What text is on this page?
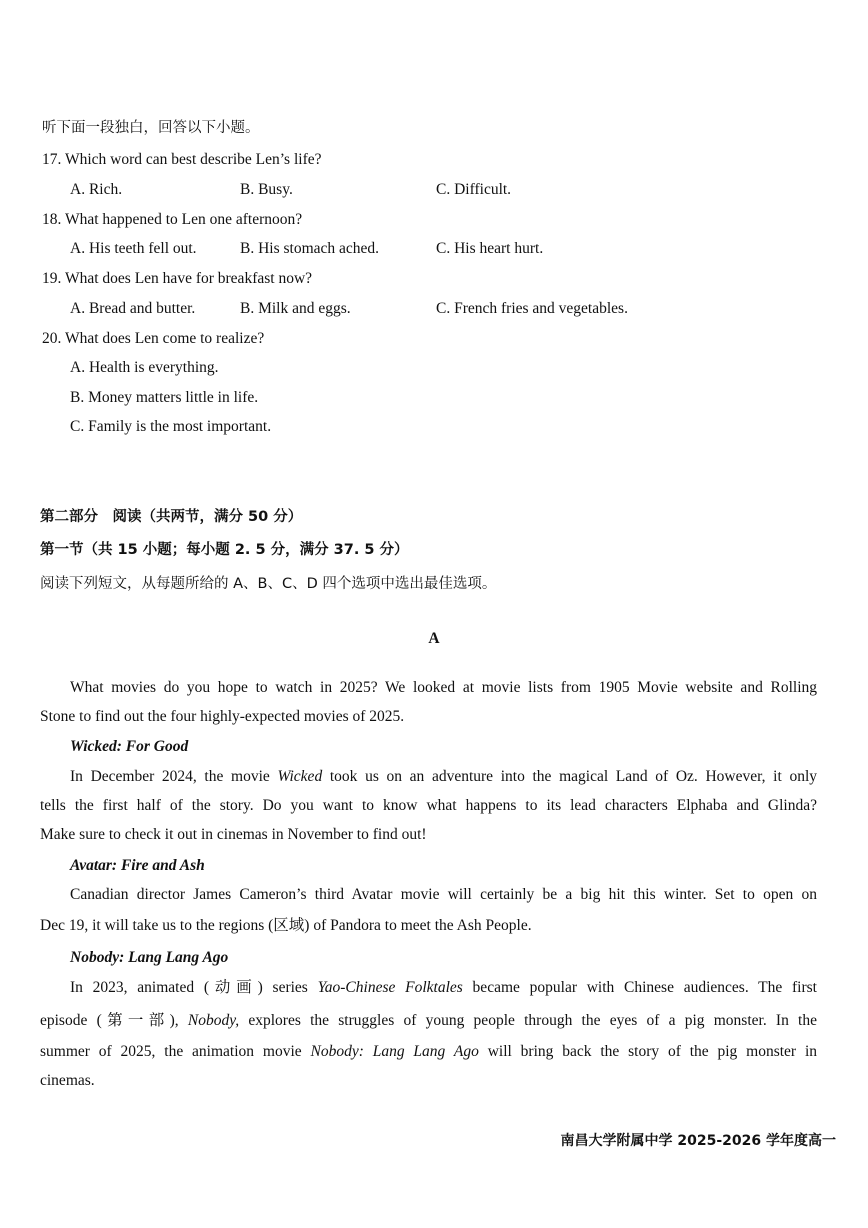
听下面一段独白，回答以下小题。
17. Which word can best describe Len’s life?
A. Rich.	B. Busy.	C. Difficult.
18. What happened to Len one afternoon?
A. His teeth fell out.	B. His stomach ached.	C. His heart hurt.
19. What does Len have for breakfast now?
A. Bread and butter.	B. Milk and eggs.	C. French fries and vegetables.
20. What does Len come to realize?
A. Health is everything.
B. Money matters little in life.
C. Family is the most important.
第二部分　阅读（共两节，满分 50 分）
第一节（共 15 小题；每小题 2. 5 分，满分 37. 5 分）
阅读下列短文，从每题所给的 A、B、C、D 四个选项中选出最佳选项。
A
What movies do you hope to watch in 2025? We looked at movie lists from 1905 Movie website and Rolling
Stone to find out the four highly-expected movies of 2025.
Wicked: For Good
In December 2024, the movie Wicked took us on an adventure into the magical Land of Oz. However, it only
tells the first half of the story. Do you want to know what happens to its lead characters Elphaba and Glinda?
Make sure to check it out in cinemas in November to find out!
Avatar: Fire and Ash
Canadian director James Cameron’s third Avatar movie will certainly be a big hit this winter. Set to open on
Dec 19, it will take us to the regions (区域) of Pandora to meet the Ash People.
Nobody: Lang Lang Ago
In 2023, animated (动画) series Yao-Chinese Folktales became popular with Chinese audiences. The first
episode (第一部), Nobody, explores the struggles of young people through the eyes of a pig monster. In the
summer of 2025, the animation movie Nobody: Lang Lang Ago will bring back the story of the pig monster in
cinemas.
南昌大学附属中学 2025-2026 学年度高一
